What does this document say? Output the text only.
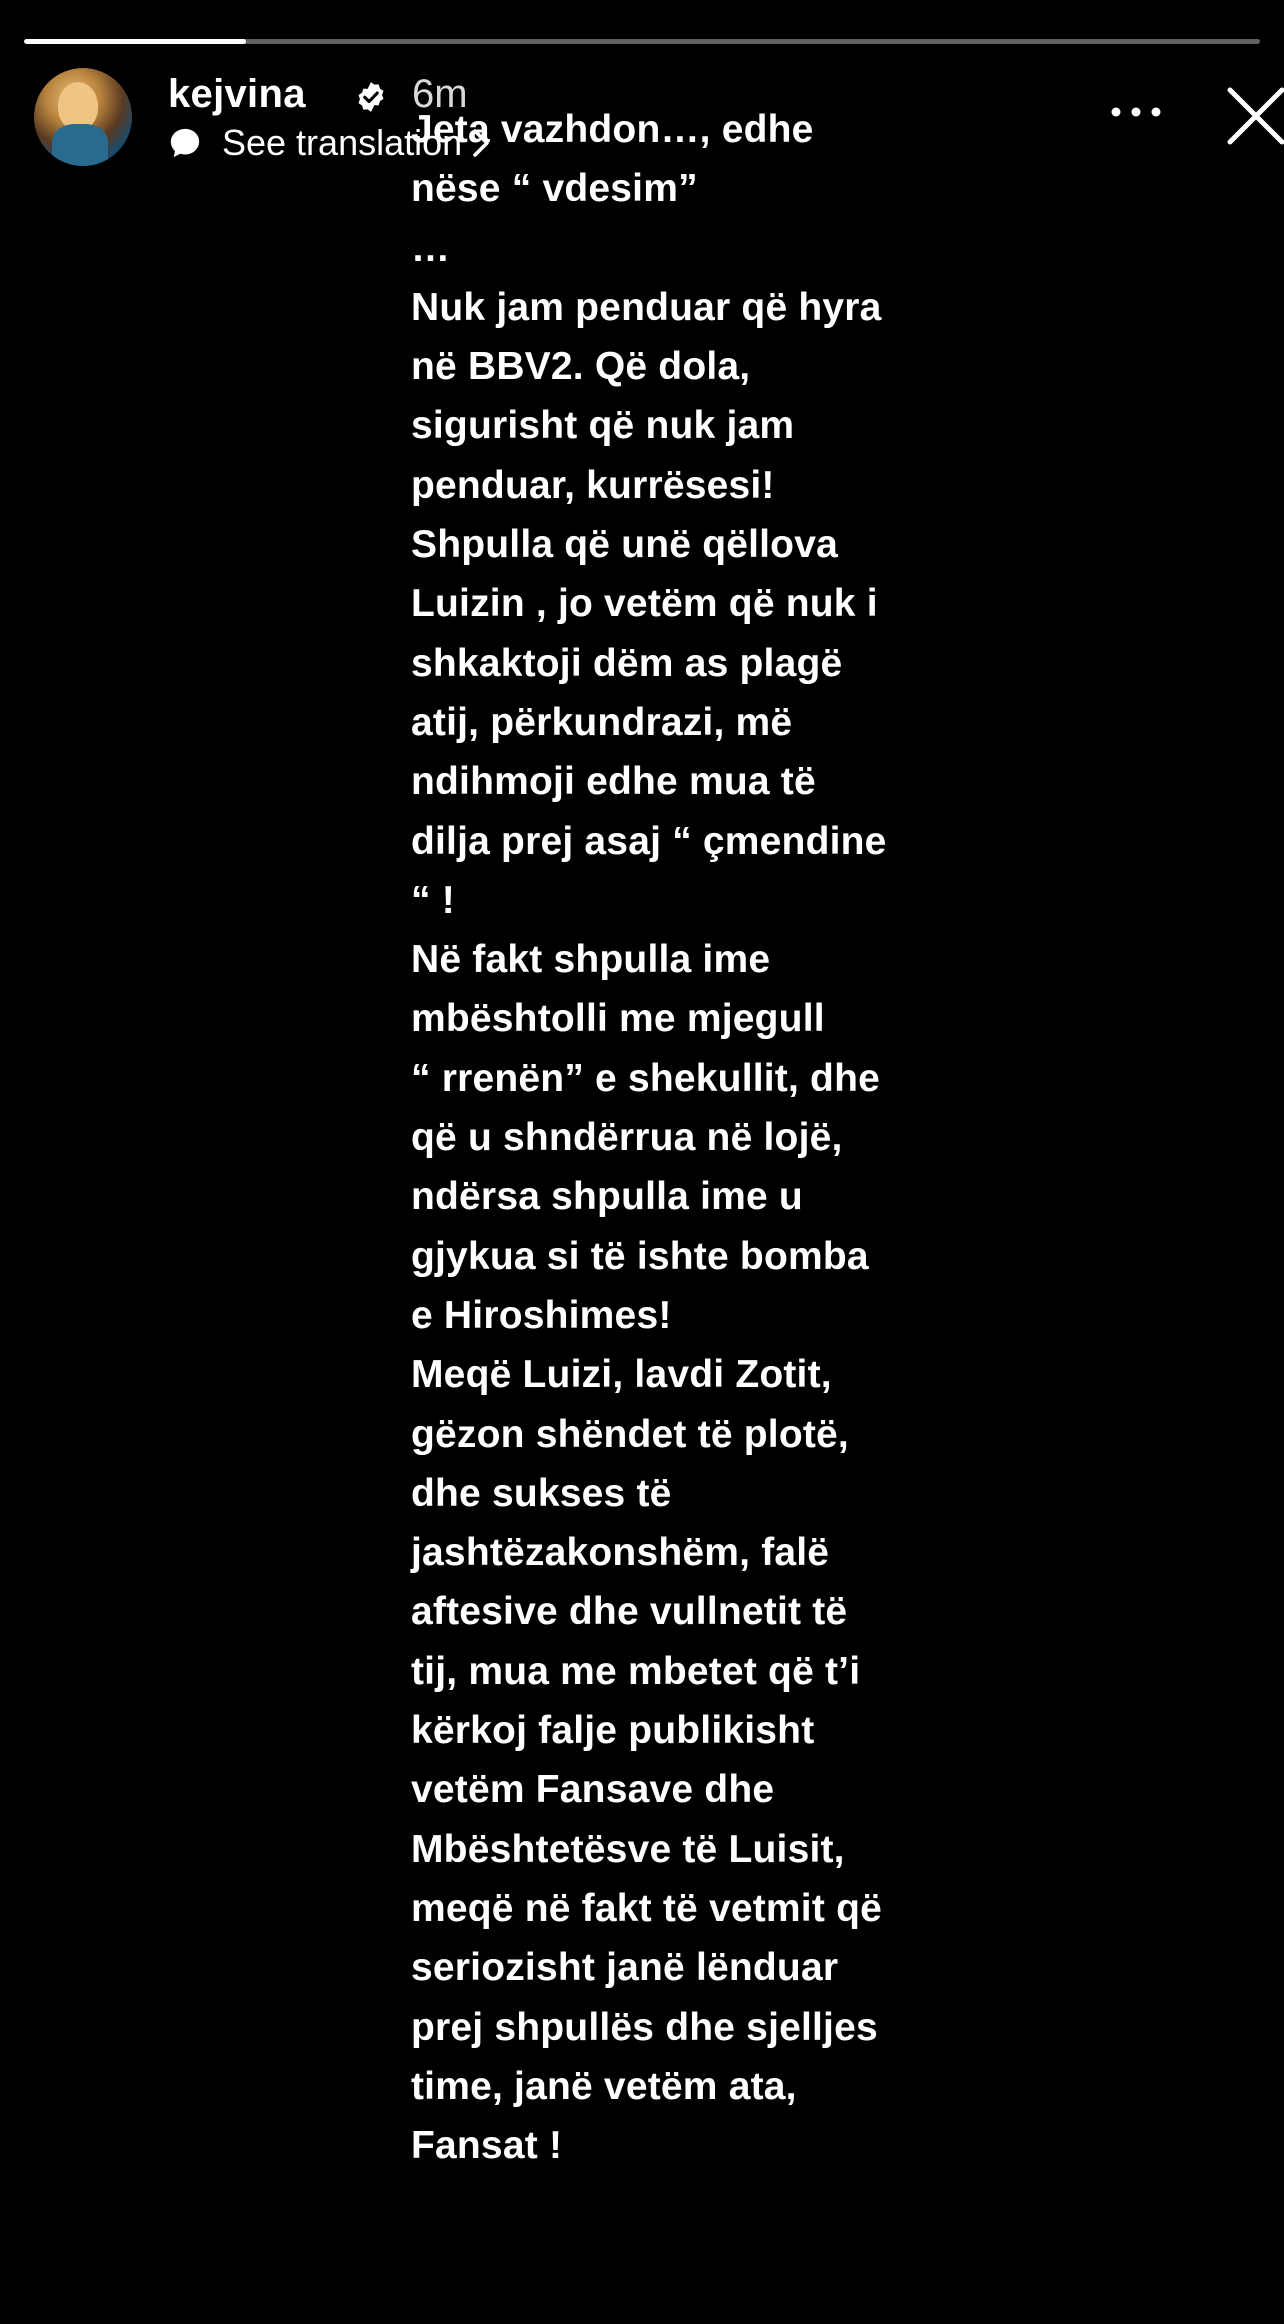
kejvina	6m
See translation
Jeta vazhdon…, edhe
nëse “ vdesim”
…
Nuk jam penduar që hyra
në BBV2. Që dola,
sigurisht që nuk jam
penduar, kurrësesi!
Shpulla që unë qëllova
Luizin , jo vetëm që nuk i
shkaktoji dëm as plagë
atij, përkundrazi, më
ndihmoji edhe mua të
dilja prej asaj “ çmendine
“ !
Në fakt shpulla ime
mbështolli me mjegull
“ rrenën” e shekullit, dhe
që u shndërrua në lojë,
ndërsa shpulla ime u
gjykua si të ishte bomba
e Hiroshimes!
Meqë Luizi, lavdi Zotit,
gëzon shëndet të plotë,
dhe sukses të
jashtëzakonshëm, falë
aftesive dhe vullnetit të
tij, mua me mbetet që t’i
kërkoj falje publikisht
vetëm Fansave dhe
Mbështetësve të Luisit,
meqë në fakt të vetmit që
seriozisht janë lënduar
prej shpullës dhe sjelljes
time, janë vetëm ata,
Fansat !
